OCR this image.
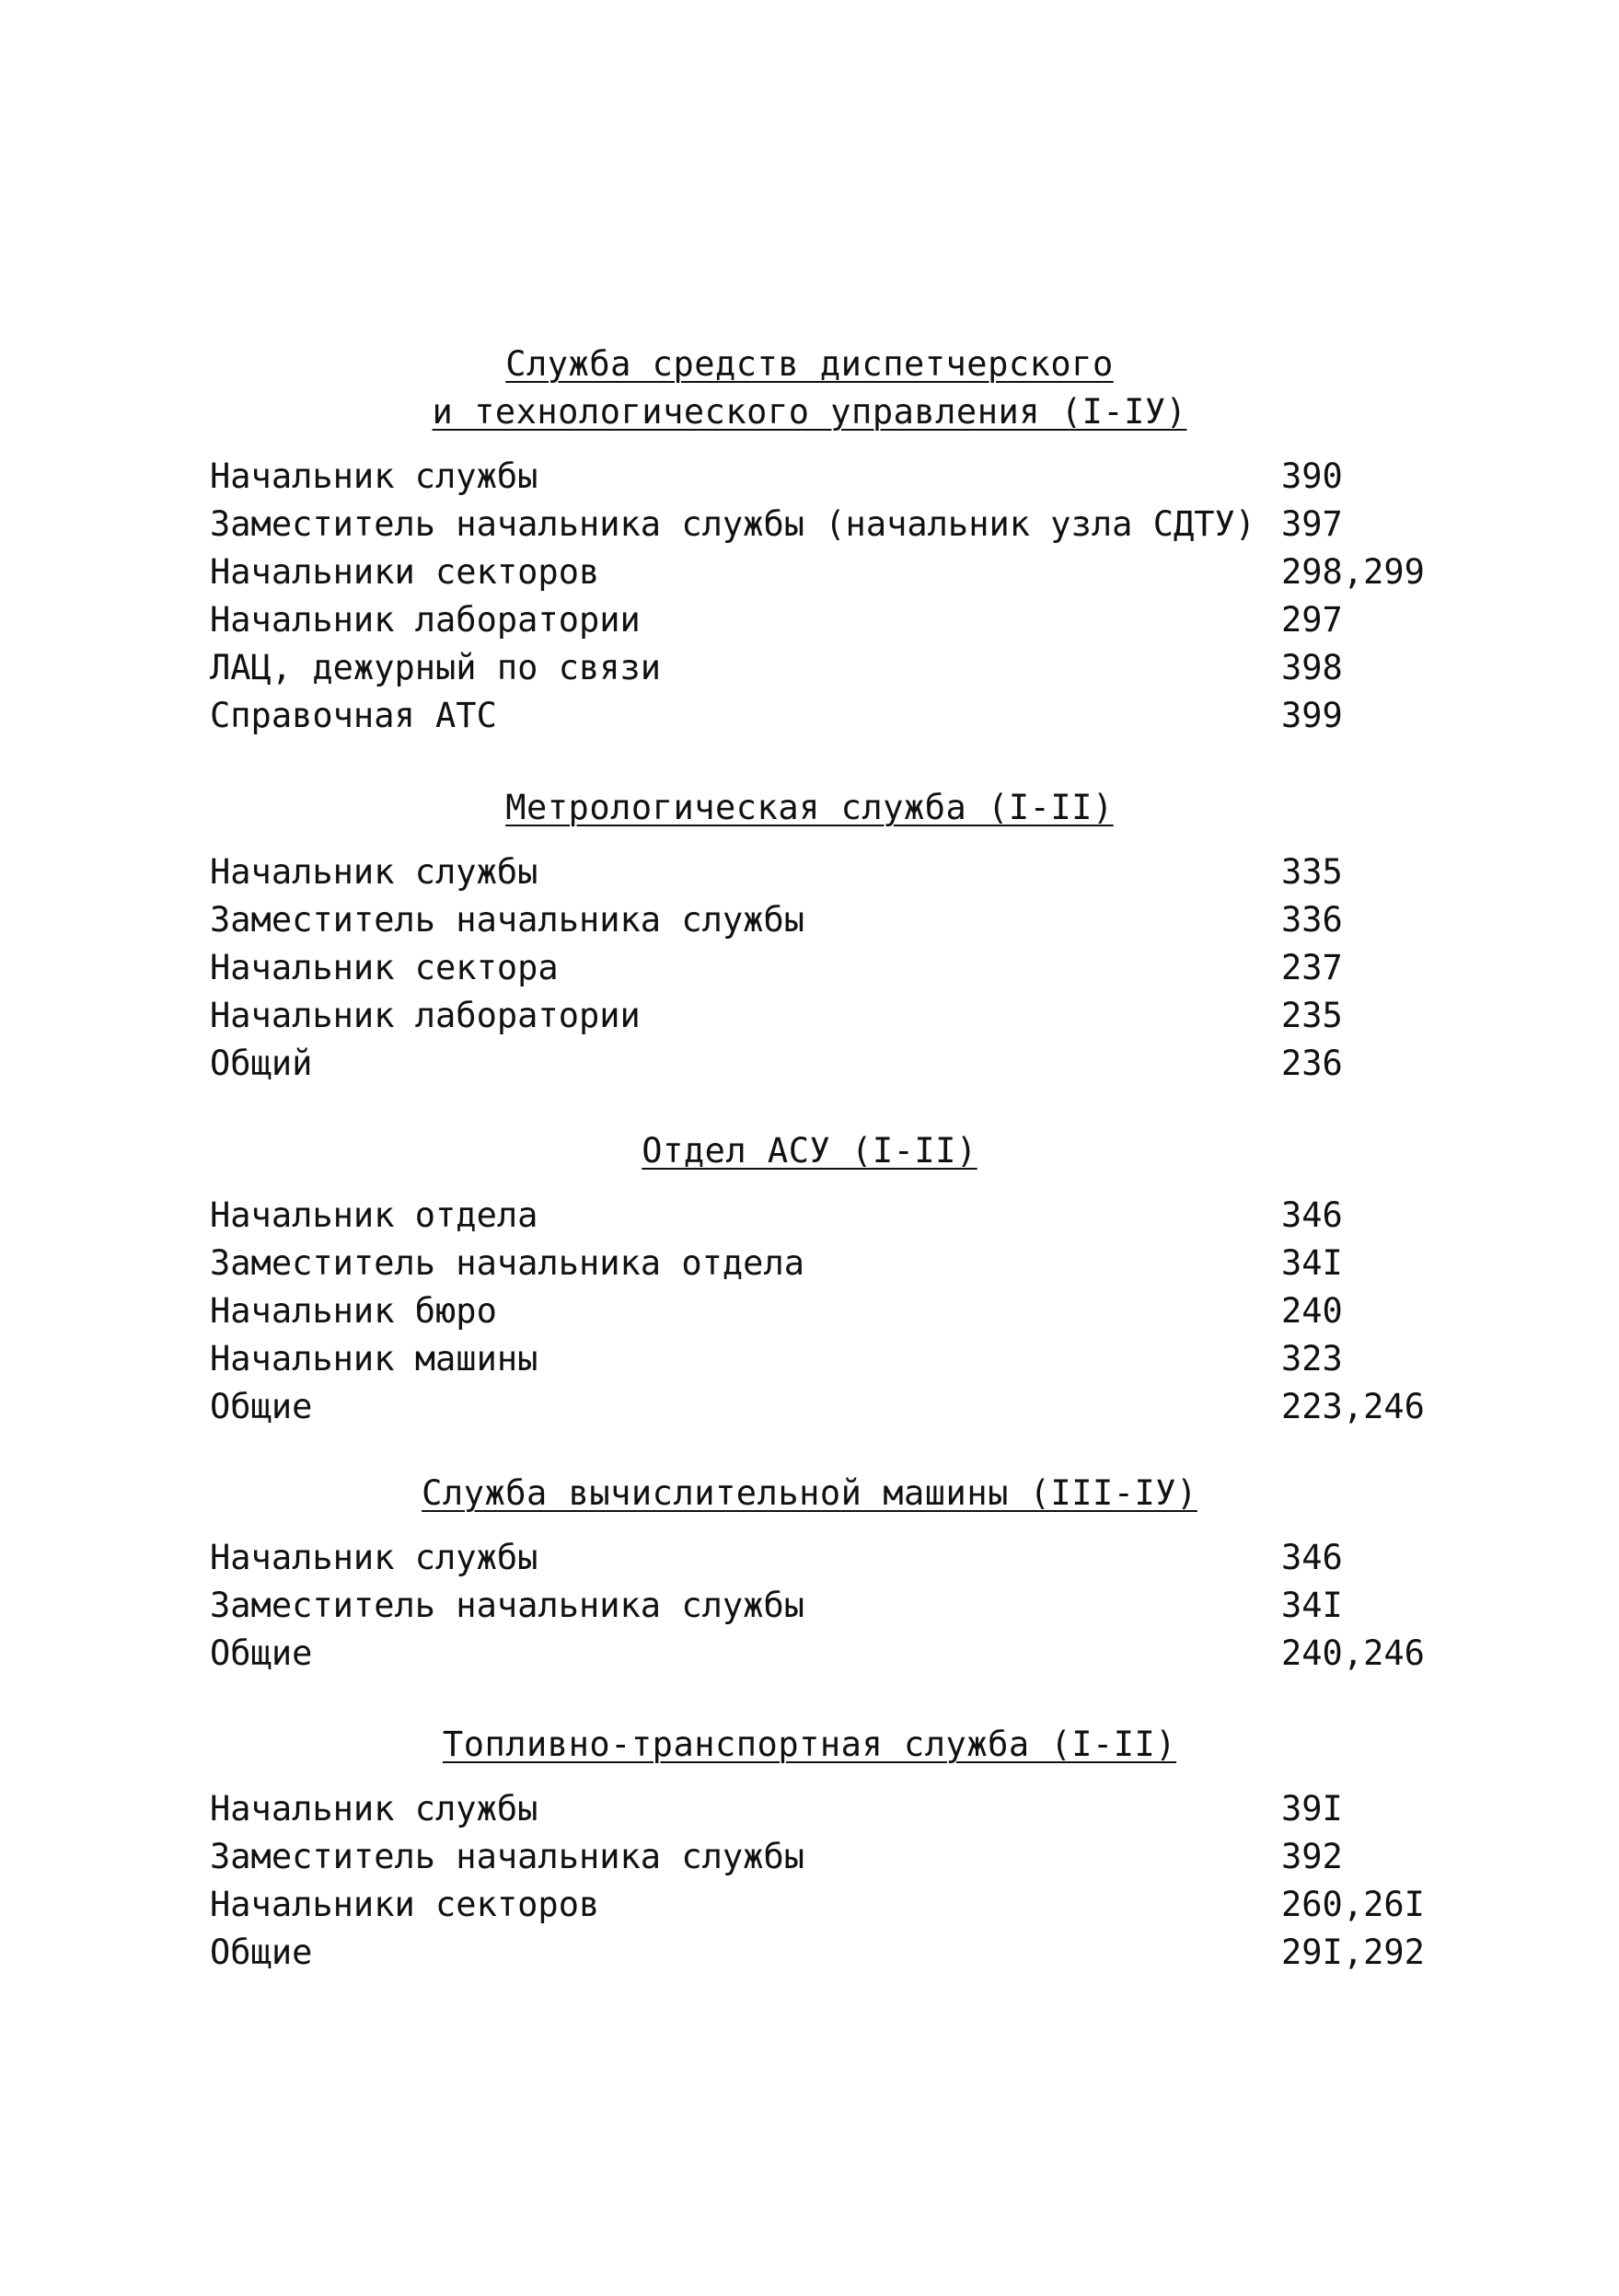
Служба средств диспетчерского
и технологического управления (I-IУ)
Начальник службы	390
Заместитель начальника службы (начальник узла СДТУ) 397
Начальники секторов	298,299
Начальник лаборатории	297
ЛАЦ, дежурный по связи	398
Справочная АТС	399
Метрологическая служба (I-II)
Начальник службы	335
Заместитель начальника службы	336
Начальник сектора	237
Начальник лаборатории	235
Общий	236
Отдел АСУ (I-II)
Начальник отдела	346
Заместитель начальника отдела	34I
Начальник бюро	240
Начальник машины	323
Общие	223,246
Служба вычислительной машины (III-IУ)
Начальник службы	346
Заместитель начальника службы	34I
Общие	240,246
Топливно-транспортная служба (I-II)
Начальник службы	39I
Заместитель начальника службы	392
Начальники секторов	260,26I
Общие	29I,292
